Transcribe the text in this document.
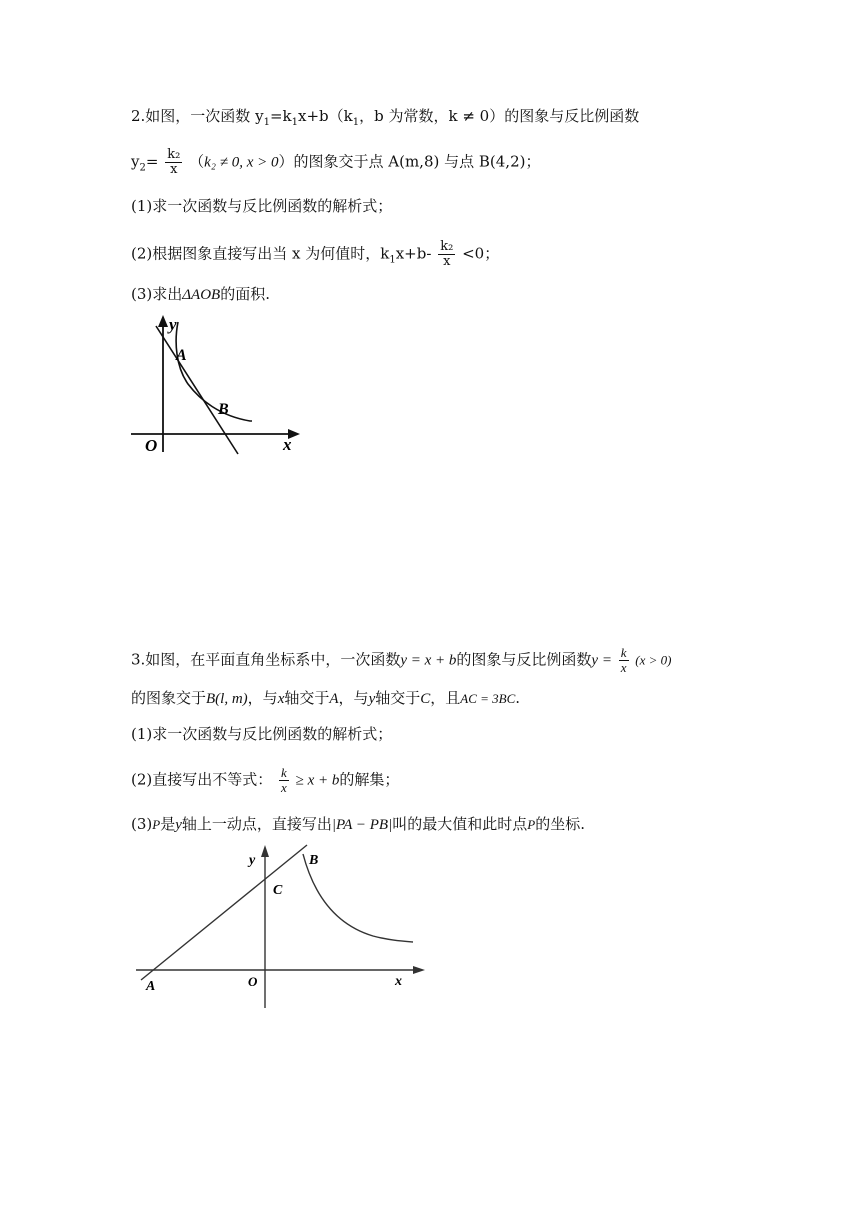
2.如图，一次函数 $y_1=k_1x+b(k_1$，b 为常数，k ≠ 0）的图象与反比例函数
$y_2= \frac{\text{k₂}}{x} (k_2 \ne 0$, x > 0）的图象交于点 A(m,8) 与点 B(4,2)；
(1)求一次函数与反比例函数的解析式；
(2)根据图象直接写出当 x 为何值时，$k_1x+b- \frac{\text{k₂}}{x} <0$；
(3)求出ΔAOB的面积.
y
x
O
A
B
3.如图，在平面直角坐标系中，一次函数y = x + b的图象与反比例函数$y = \frac{k}{x} (x > 0)$
的图象交于B(l, m)，与x轴交于A，与y轴交于C，且AC = 3BC.
(1)求一次函数与反比例函数的解析式；
(2)直接写出不等式： $\frac{k}{x} \ge x + b$的解集；
(3)P是y轴上一动点，直接写出|PA − PB|叫的最大值和此时点P的坐标.
y
x
O
A
B
C
